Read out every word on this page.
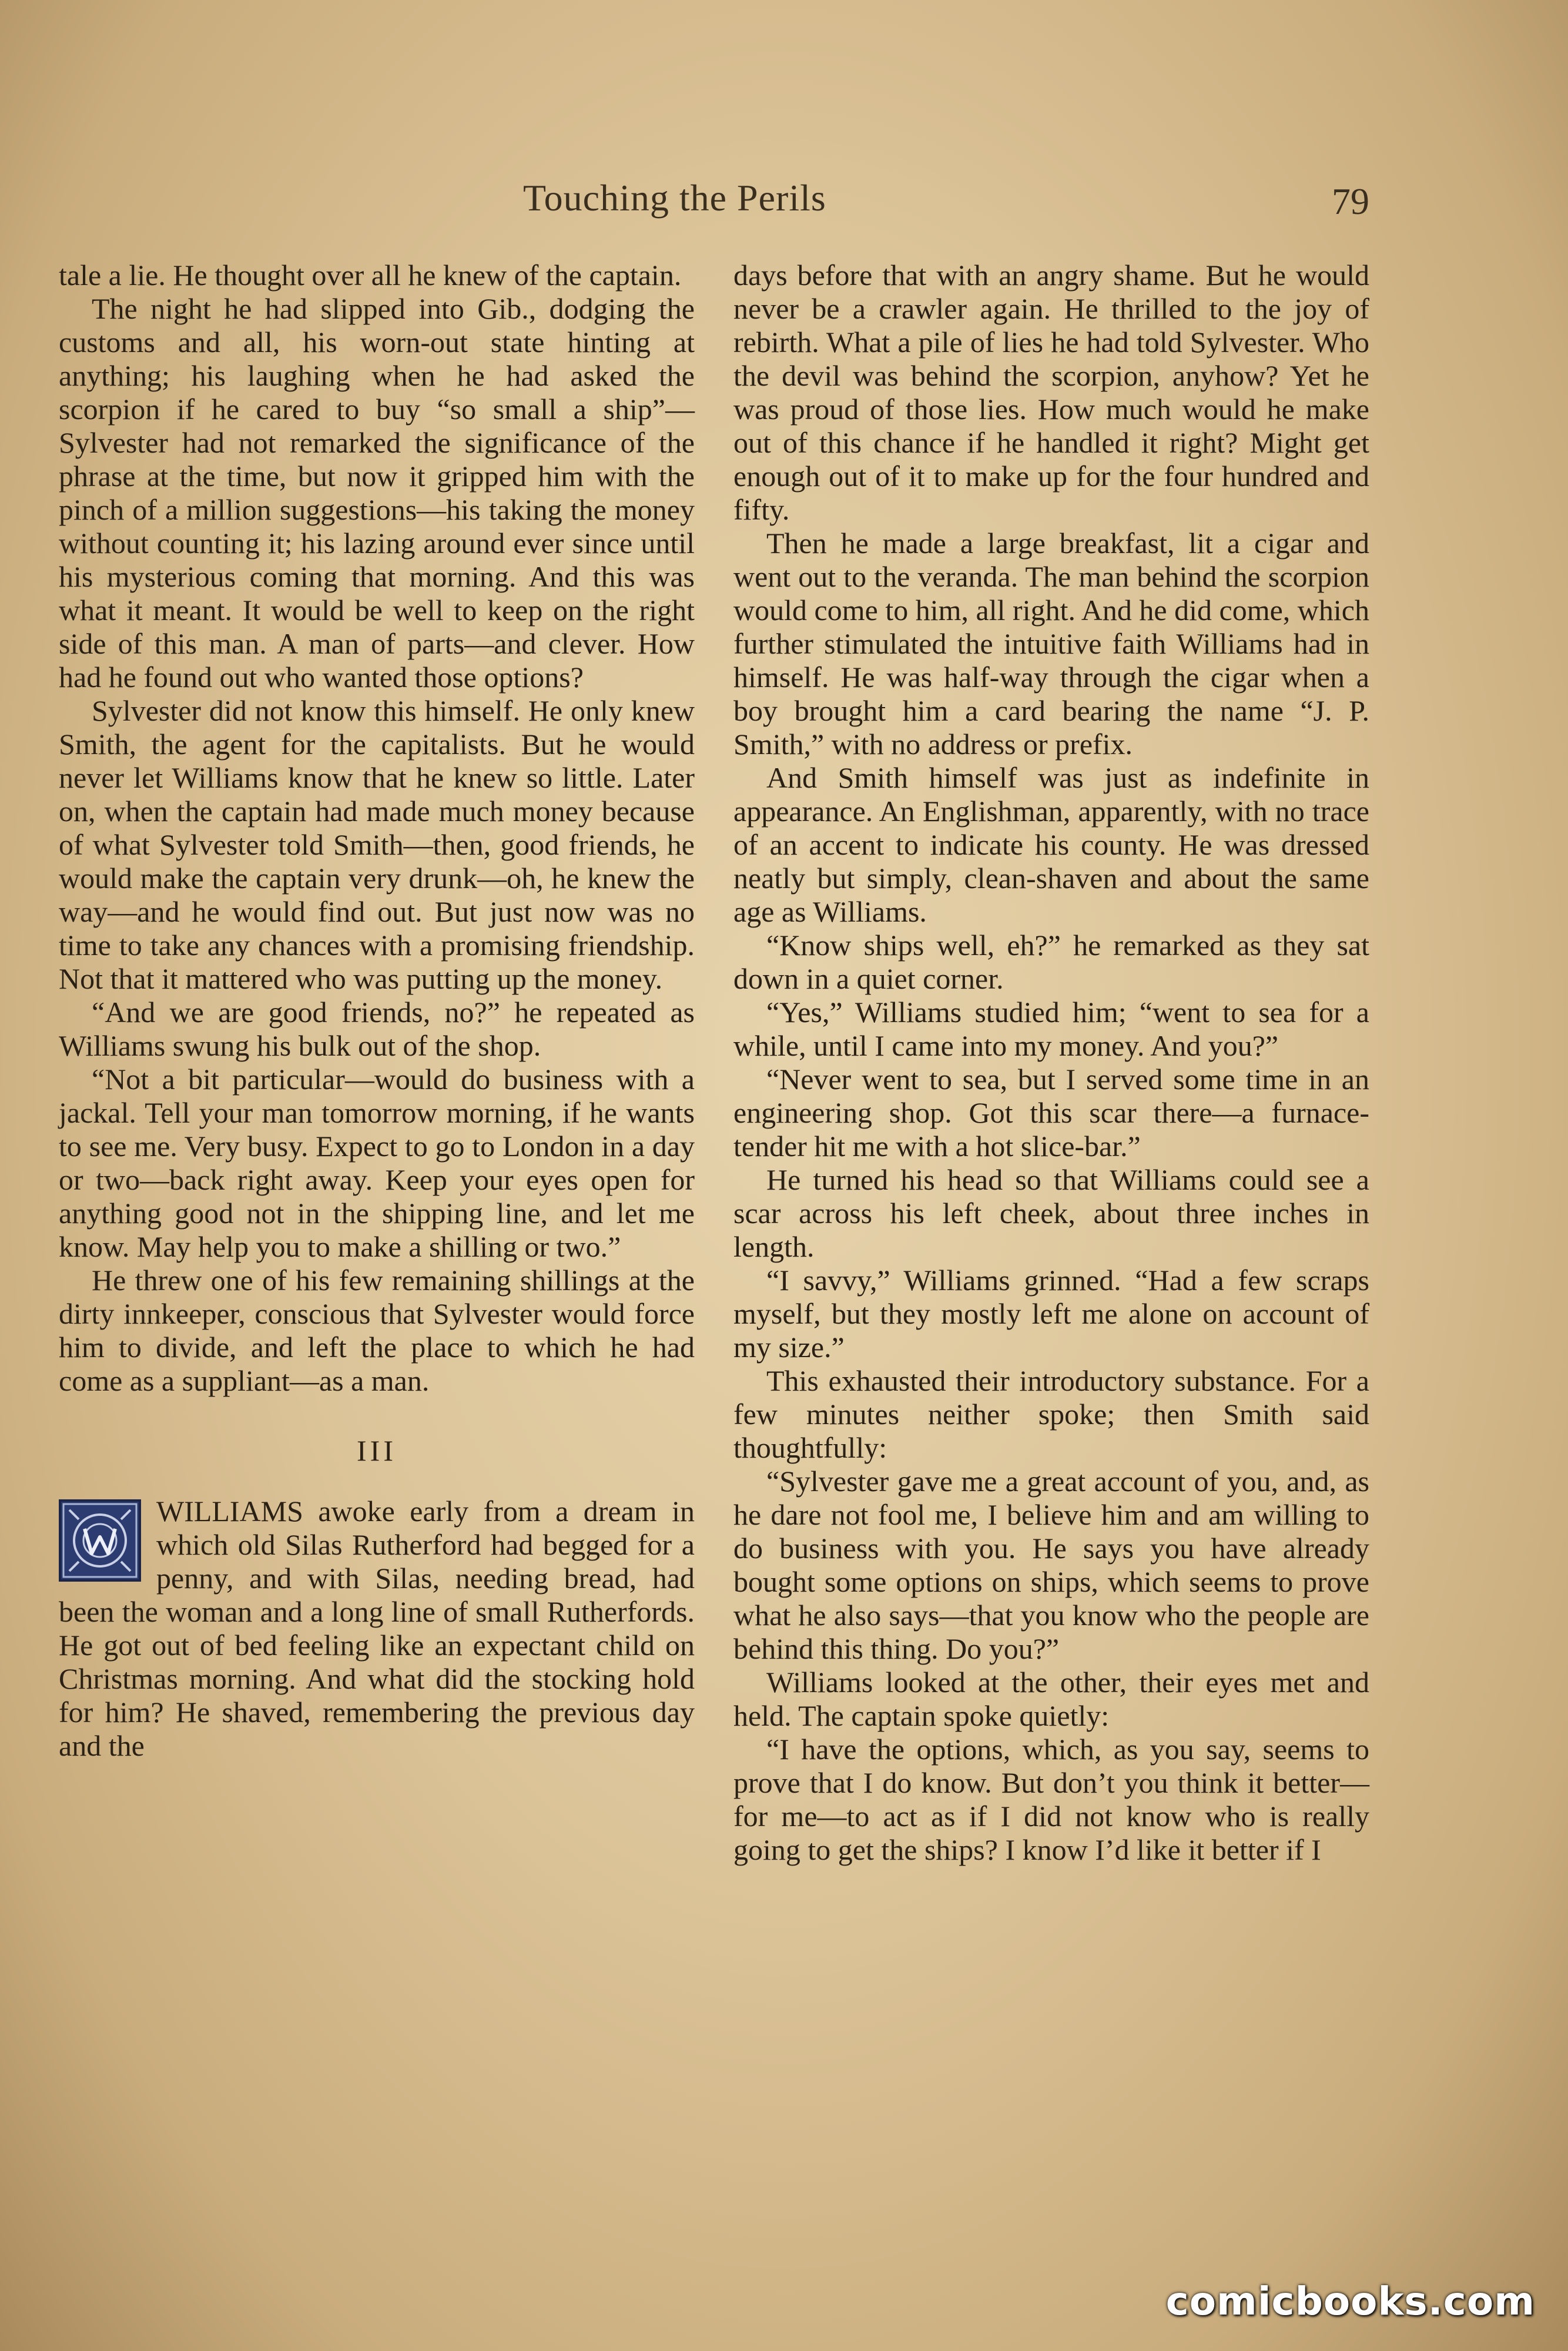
Touching the Perils	79

tale a lie. He thought over all he knew of the captain.

The night he had slipped into Gib., dodging the customs and all, his worn-out state hinting at anything; his laughing when he had asked the scorpion if he cared to buy “so small a ship”—Sylvester had not remarked the significance of the phrase at the time, but now it gripped him with the pinch of a million suggestions—his taking the money without counting it; his lazing around ever since until his mysterious coming that morning. And this was what it meant. It would be well to keep on the right side of this man. A man of parts—and clever. How had he found out who wanted those options?

Sylvester did not know this himself. He only knew Smith, the agent for the capitalists. But he would never let Williams know that he knew so little. Later on, when the captain had made much money because of what Sylvester told Smith—then, good friends, he would make the captain very drunk—oh, he knew the way—and he would find out. But just now was no time to take any chances with a promising friendship. Not that it mattered who was putting up the money.

“And we are good friends, no?” he repeated as Williams swung his bulk out of the shop.

“Not a bit particular—would do business with a jackal. Tell your man tomorrow morning, if he wants to see me. Very busy. Expect to go to London in a day or two—back right away. Keep your eyes open for anything good not in the shipping line, and let me know. May help you to make a shilling or two.”

He threw one of his few remaining shillings at the dirty innkeeper, conscious that Sylvester would force him to divide, and left the place to which he had come as a suppliant—as a man.

III

WILLIAMS awoke early from a dream in which old Silas Rutherford had begged for a penny, and with Silas, needing bread, had been the woman and a long line of small Rutherfords. He got out of bed feeling like an expectant child on Christmas morning. And what did the stocking hold for him? He shaved, remembering the previous day and the

days before that with an angry shame. But he would never be a crawler again. He thrilled to the joy of rebirth. What a pile of lies he had told Sylvester. Who the devil was behind the scorpion, anyhow? Yet he was proud of those lies. How much would he make out of this chance if he handled it right? Might get enough out of it to make up for the four hundred and fifty.

Then he made a large breakfast, lit a cigar and went out to the veranda. The man behind the scorpion would come to him, all right. And he did come, which further stimulated the intuitive faith Williams had in himself. He was half-way through the cigar when a boy brought him a card bearing the name “J. P. Smith,” with no address or prefix.

And Smith himself was just as indefinite in appearance. An Englishman, apparently, with no trace of an accent to indicate his county. He was dressed neatly but simply, clean-shaven and about the same age as Williams.

“Know ships well, eh?” he remarked as they sat down in a quiet corner.

“Yes,” Williams studied him; “went to sea for a while, until I came into my money. And you?”

“Never went to sea, but I served some time in an engineering shop. Got this scar there—a furnace-tender hit me with a hot slice-bar.”

He turned his head so that Williams could see a scar across his left cheek, about three inches in length.

“I savvy,” Williams grinned. “Had a few scraps myself, but they mostly left me alone on account of my size.”

This exhausted their introductory substance. For a few minutes neither spoke; then Smith said thoughtfully:

“Sylvester gave me a great account of you, and, as he dare not fool me, I believe him and am willing to do business with you. He says you have already bought some options on ships, which seems to prove what he also says—that you know who the people are behind this thing. Do you?”

Williams looked at the other, their eyes met and held. The captain spoke quietly:

“I have the options, which, as you say, seems to prove that I do know. But don’t you think it better—for me—to act as if I did not know who is really going to get the ships? I know I’d like it better if I

comicbooks.com
